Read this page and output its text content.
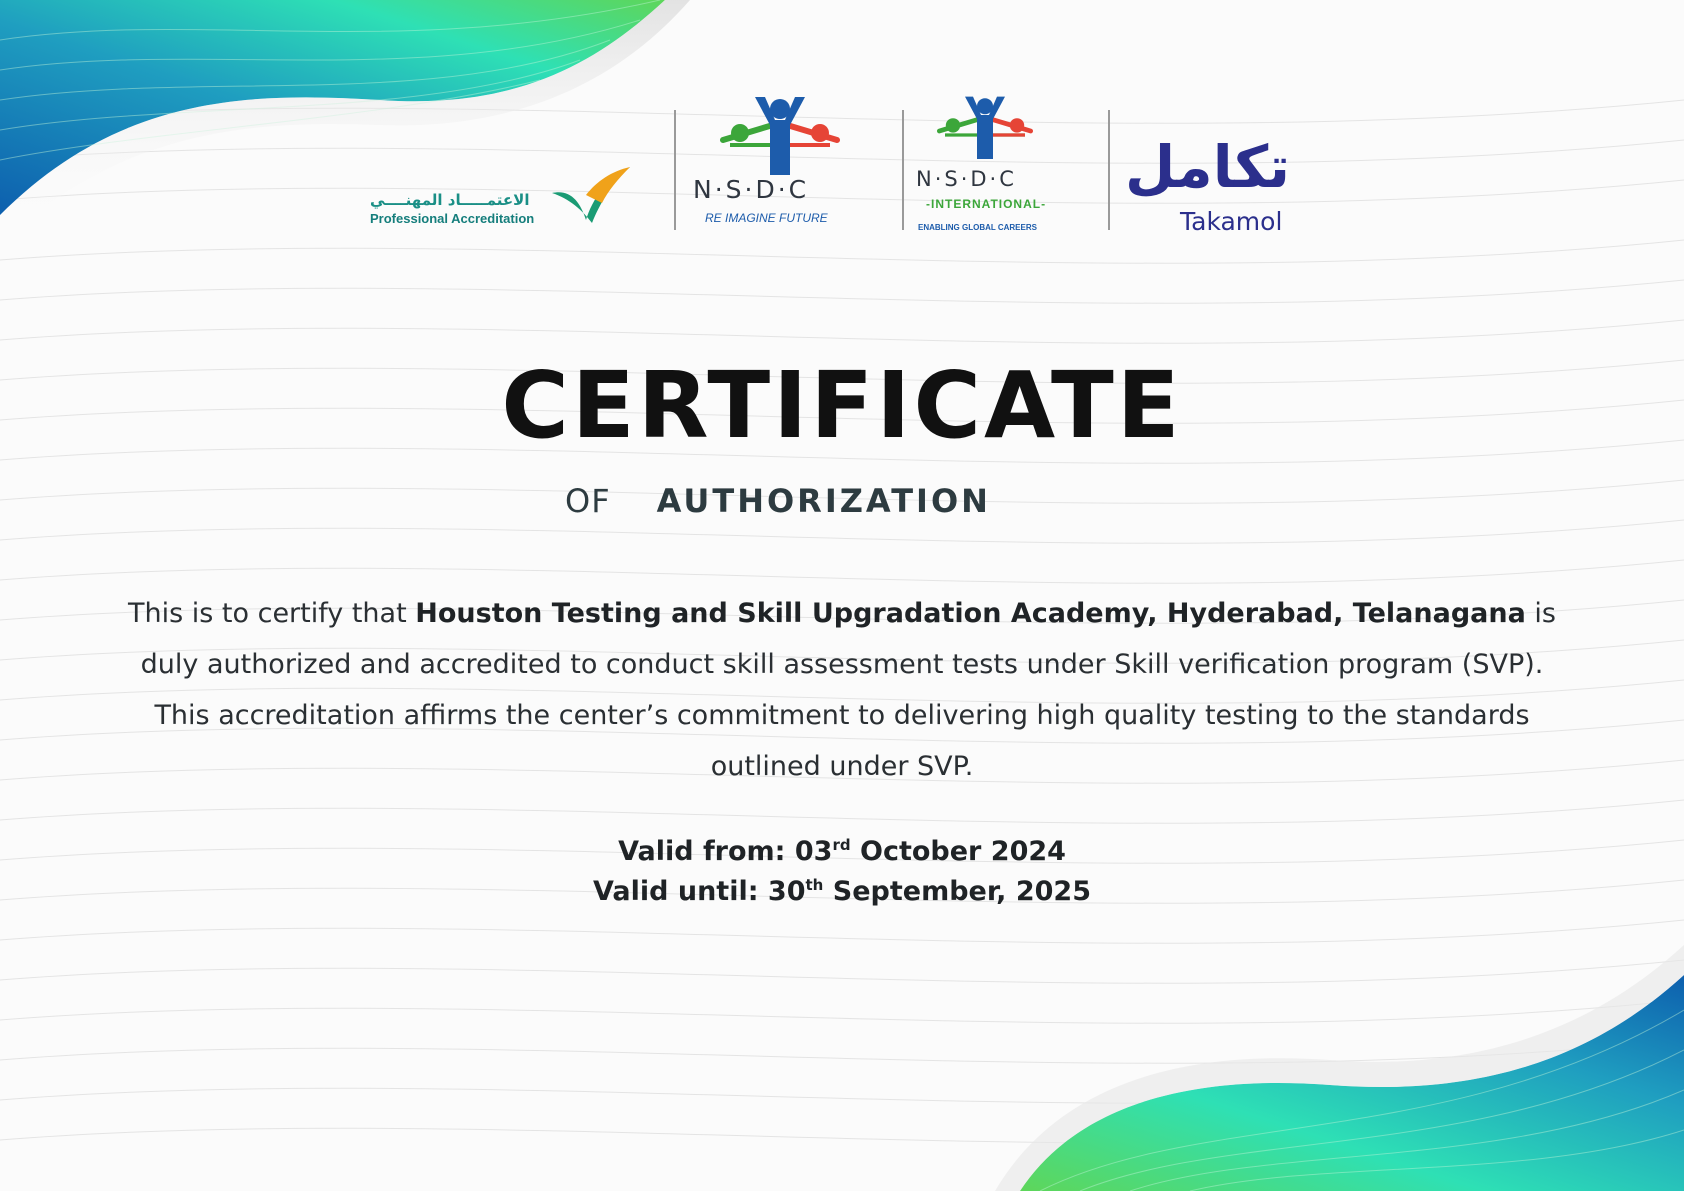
الاعتمـــــاد المهنــــي
Professional Accreditation
N·S·D·C
RE IMAGINE FUTURE
N·S·D·C
-INTERNATIONAL-
ENABLING GLOBAL CAREERS
تكامل
Takamol
CERTIFICATE
OF AUTHORIZATION
This is to certify that Houston Testing and Skill Upgradation Academy, Hyderabad, Telanagana is duly authorized and accredited to conduct skill assessment tests under Skill verification program (SVP). This accreditation affirms the center’s commitment to delivering high quality testing to the standards outlined under SVP.
Valid from: 03rd October 2024
Valid until: 30th September, 2025
